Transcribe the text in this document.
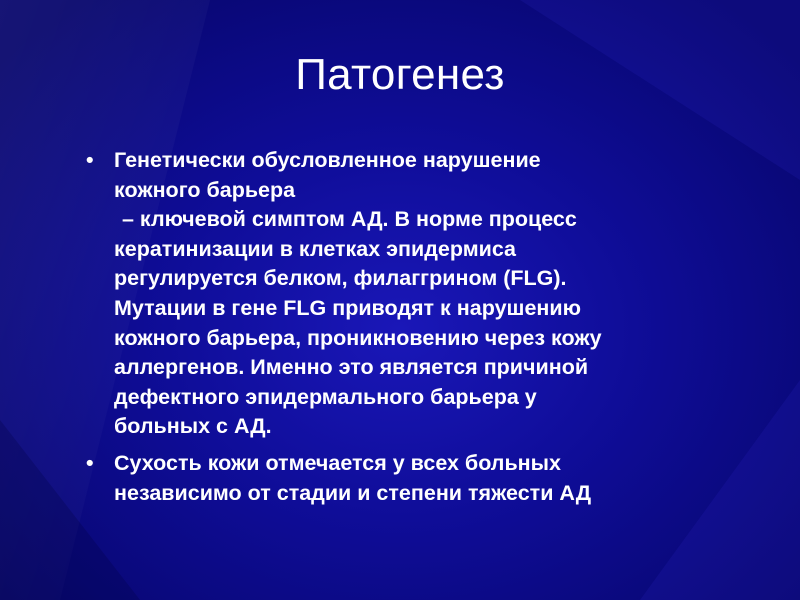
Патогенез
• Генетически обусловленное нарушение
кожного барьера
– ключевой симптом АД. В норме процесс
кератинизации в клетках эпидермиса
регулируется белком, филаггрином (FLG).
Мутации в гене FLG приводят к нарушению
кожного барьера, проникновению через кожу
аллергенов. Именно это является причиной
дефектного эпидермального барьера у
больных с АД.
• Сухость кожи отмечается у всех больных
независимо от стадии и степени тяжести АД
